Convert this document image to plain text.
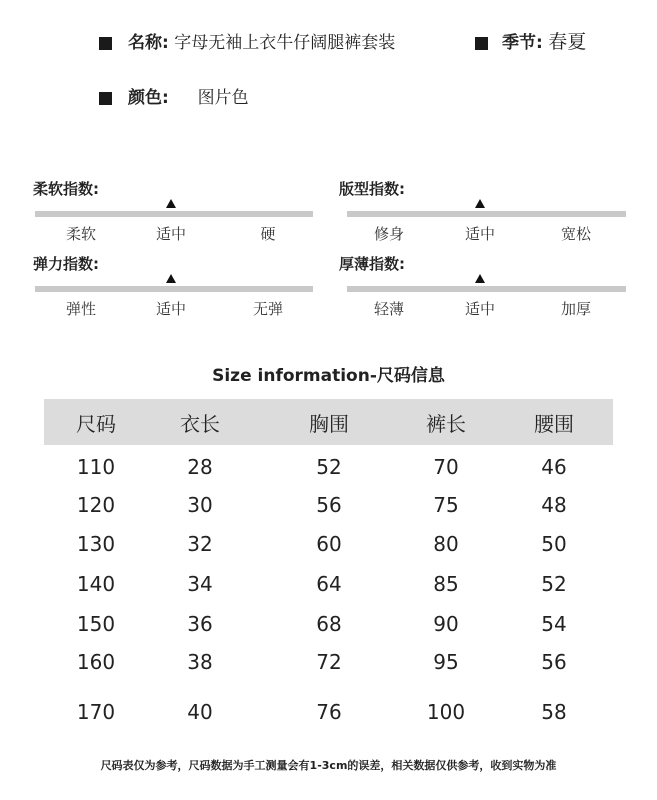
名称: 字母无袖上衣牛仔阔腿裤套装	季节: 春夏
颜色: 图片色
柔软指数:
柔软	适中	硬
版型指数:
修身	适中	宽松
弹力指数:
弹性	适中	无弹
厚薄指数:
轻薄	适中	加厚
Size information-尺码信息
尺码	衣长	胸围	裤长	腰围
110	28	52	70	46
120	30	56	75	48
130	32	60	80	50
140	34	64	85	52
150	36	68	90	54
160	38	72	95	56
170	40	76	100	58
尺码表仅为参考，尺码数据为手工测量会有1-3cm的误差，相关数据仅供参考，收到实物为准
